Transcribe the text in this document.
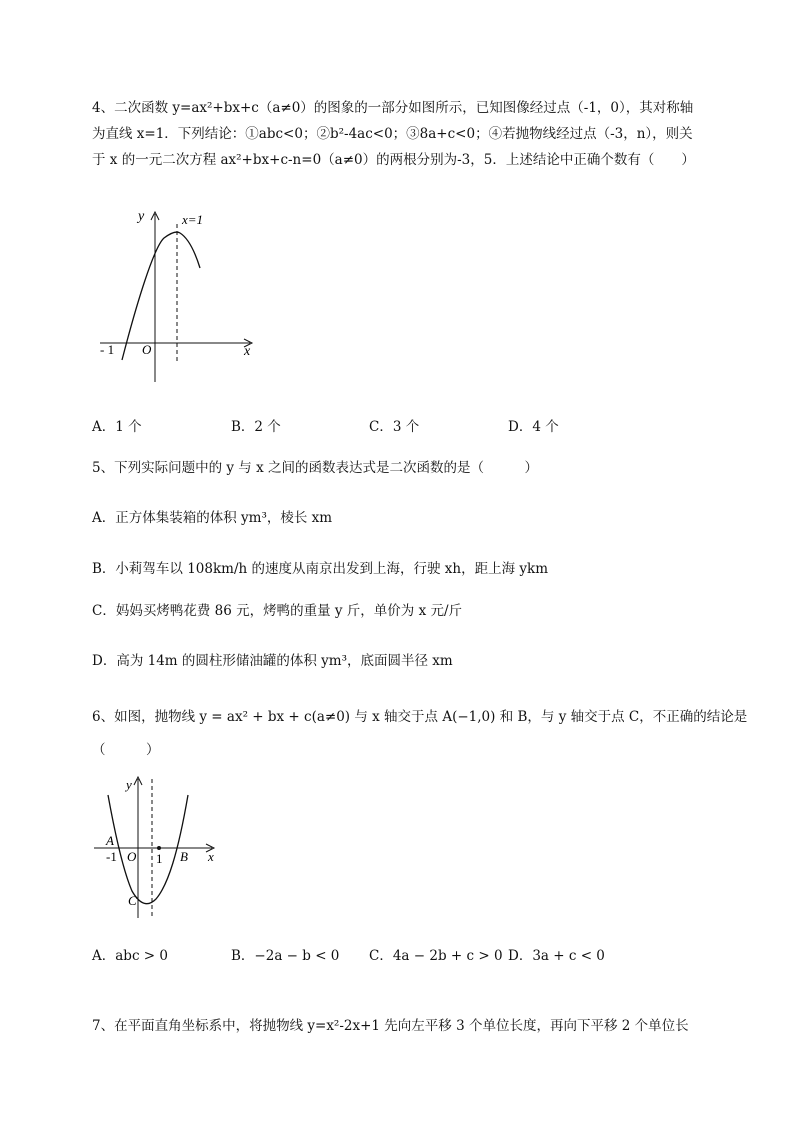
4、二次函数 y=ax²+bx+c（a≠0）的图象的一部分如图所示，已知图像经过点（-1，0），其对称轴
为直线 x=1．下列结论：①abc<0；②b²-4ac<0；③8a+c<0；④若抛物线经过点（-3，n），则关
于 x 的一元二次方程 ax²+bx+c-n=0（a≠0）的两根分别为-3，5．上述结论中正确个数有（　　）
y	x=1
O
- 1	x
A．1 个	B．2 个	C．3 个	D．4 个
5、下列实际问题中的 y 与 x 之间的函数表达式是二次函数的是（　　　）
A．正方体集装箱的体积 ym³，棱长 xm
B．小莉驾车以 108km/h 的速度从南京出发到上海，行驶 xh，距上海 ykm
C．妈妈买烤鸭花费 86 元，烤鸭的重量 y 斤，单价为 x 元/斤
D．高为 14m 的圆柱形储油罐的体积 ym³，底面圆半径 xm
6、如图，抛物线 y = ax² + bx + c(a≠0) 与 x 轴交于点 A(−1,0) 和 B，与 y 轴交于点 C，不正确的结论是
（　　　）
y
A
-1 O 1 B x
C
A．abc > 0	B．−2a − b < 0 C．4a − 2b + c > 0 D．3a + c < 0
7、在平面直角坐标系中，将抛物线 y=x²-2x+1 先向左平移 3 个单位长度，再向下平移 2 个单位长
